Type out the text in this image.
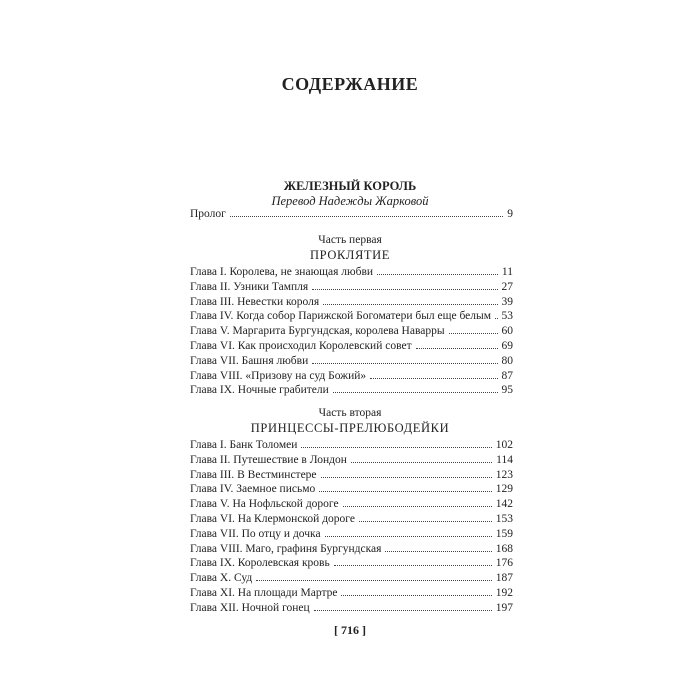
СОДЕРЖАНИЕ
ЖЕЛЕЗНЫЙ КОРОЛЬ
Перевод Надежды Жарковой
Пролог	9
Часть первая
ПРОКЛЯТИЕ
Глава I. Королева, не знающая любви	11
Глава II. Узники Тампля	27
Глава III. Невестки короля	39
Глава IV. Когда собор Парижской Богоматери был еще белым 53
Глава V. Маргарита Бургундская, королева Наварры	60
Глава VI. Как происходил Королевский совет	69
Глава VII. Башня любви	80
Глава VIII. «Призову на суд Божий»	87
Глава IX. Ночные грабители	95
Часть вторая
ПРИНЦЕССЫ-ПРЕЛЮБОДЕЙКИ
Глава I. Банк Толомеи	102
Глава II. Путешествие в Лондон	114
Глава III. В Вестминстере	123
Глава IV. Заемное письмо	129
Глава V. На Нофльской дороге	142
Глава VI. На Клермонской дороге	153
Глава VII. По отцу и дочка	159
Глава VIII. Маго, графиня Бургундская	168
Глава IX. Королевская кровь	176
Глава X. Суд	187
Глава XI. На площади Мартре	192
Глава XII. Ночной гонец	197
[ 716 ]
